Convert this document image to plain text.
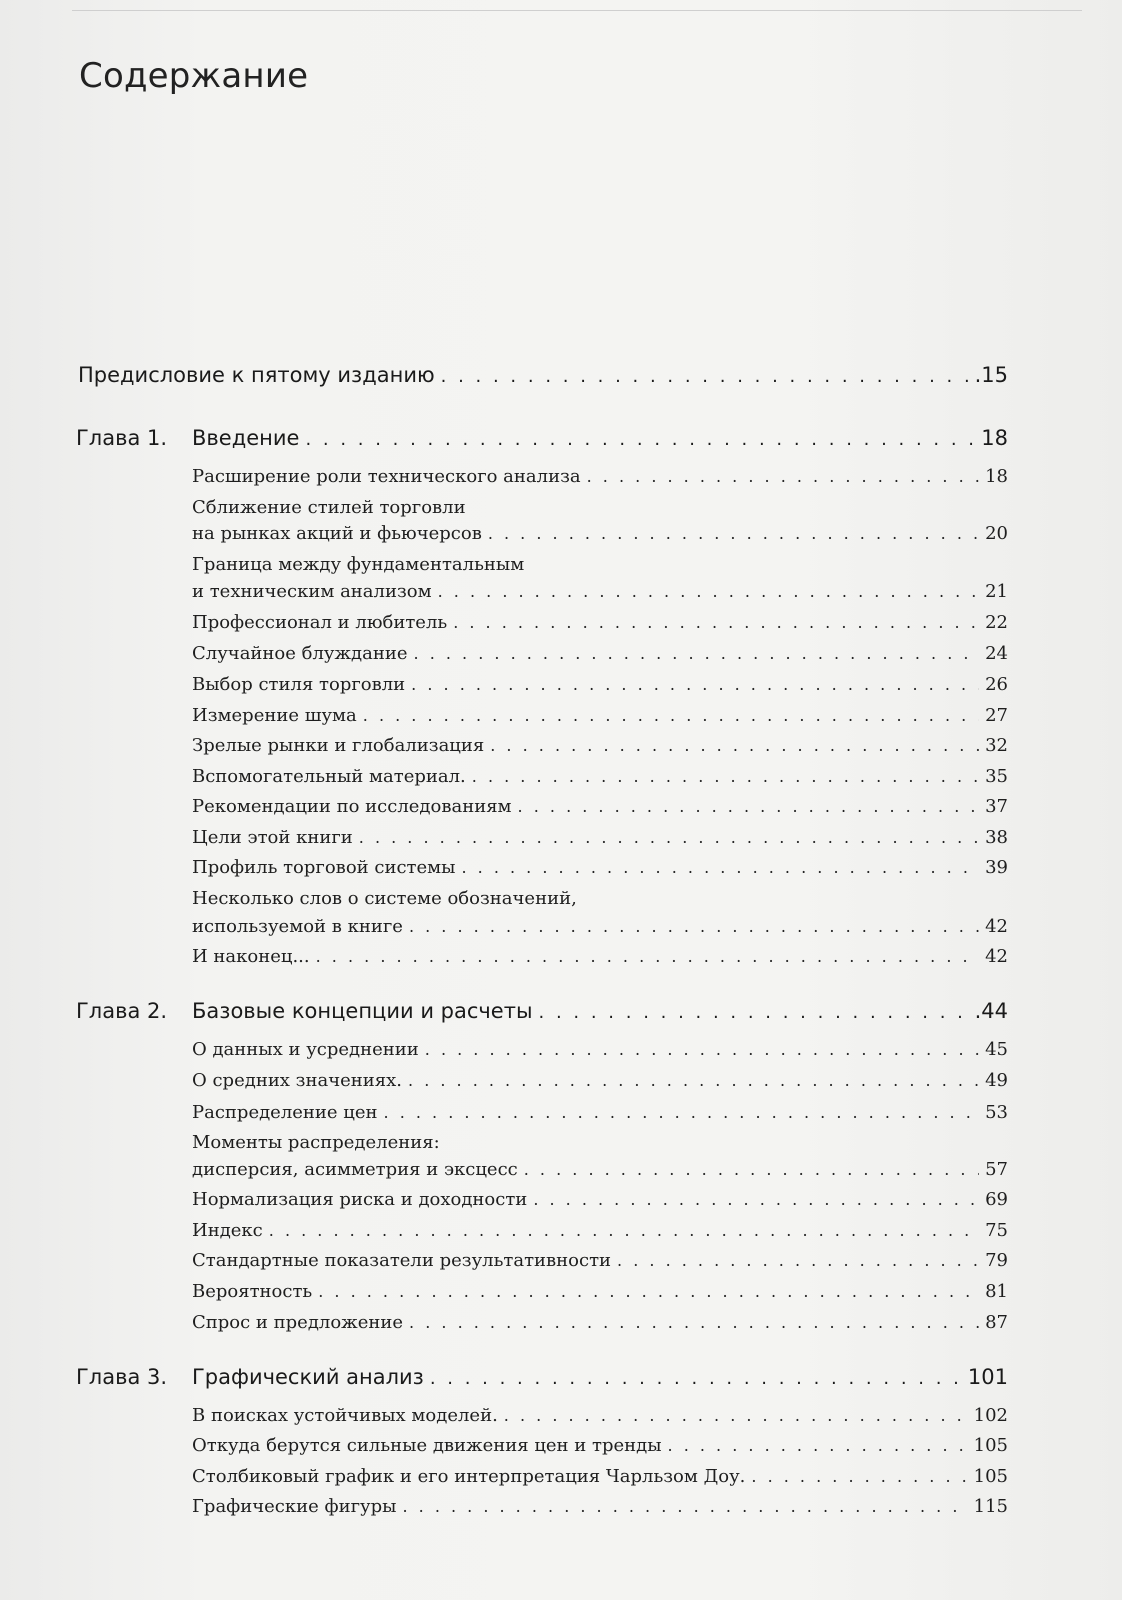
Содержание
Предисловие к пятому изданию . . .	.15
Глава 1. Введение . . .	18
Расширение роли технического анализа . . .	18
Сближение стилей торговли
на рынках акций и фьючерсов . . .	20
Граница между фундаментальным
и техническим анализом . . .	21
Профессионал и любитель . . .	22
Случайное блуждание . . .	24
Выбор стиля торговли . . .	26
Измерение шума . . .	27
Зрелые рынки и глобализация . . .	32
Вспомогательный материал. . . .	35
Рекомендации по исследованиям . . .	37
Цели этой книги . . .	38
Профиль торговой системы . . .	39
Несколько слов о системе обозначений,
используемой в книге . . .	42
И наконец... . . .	42
Глава 2. Базовые концепции и расчеты . . .	.44
О данных и усреднении . . .	45
О средних значениях. . . .	49
Распределение цен . . .	53
Моменты распределения:
дисперсия, асимметрия и эксцесс . . .	57
Нормализация риска и доходности . . .	69
Индекс . . .	75
Стандартные показатели результативности . . .	79
Вероятность . . .	81
Спрос и предложение . . .	87
Глава 3. Графический анализ . . .	101
В поисках устойчивых моделей. . . .	102
Откуда берутся сильные движения цен и тренды . . .	105
Столбиковый график и его интерпретация Чарльзом Доу. . . .	105
Графические фигуры . . .	115
